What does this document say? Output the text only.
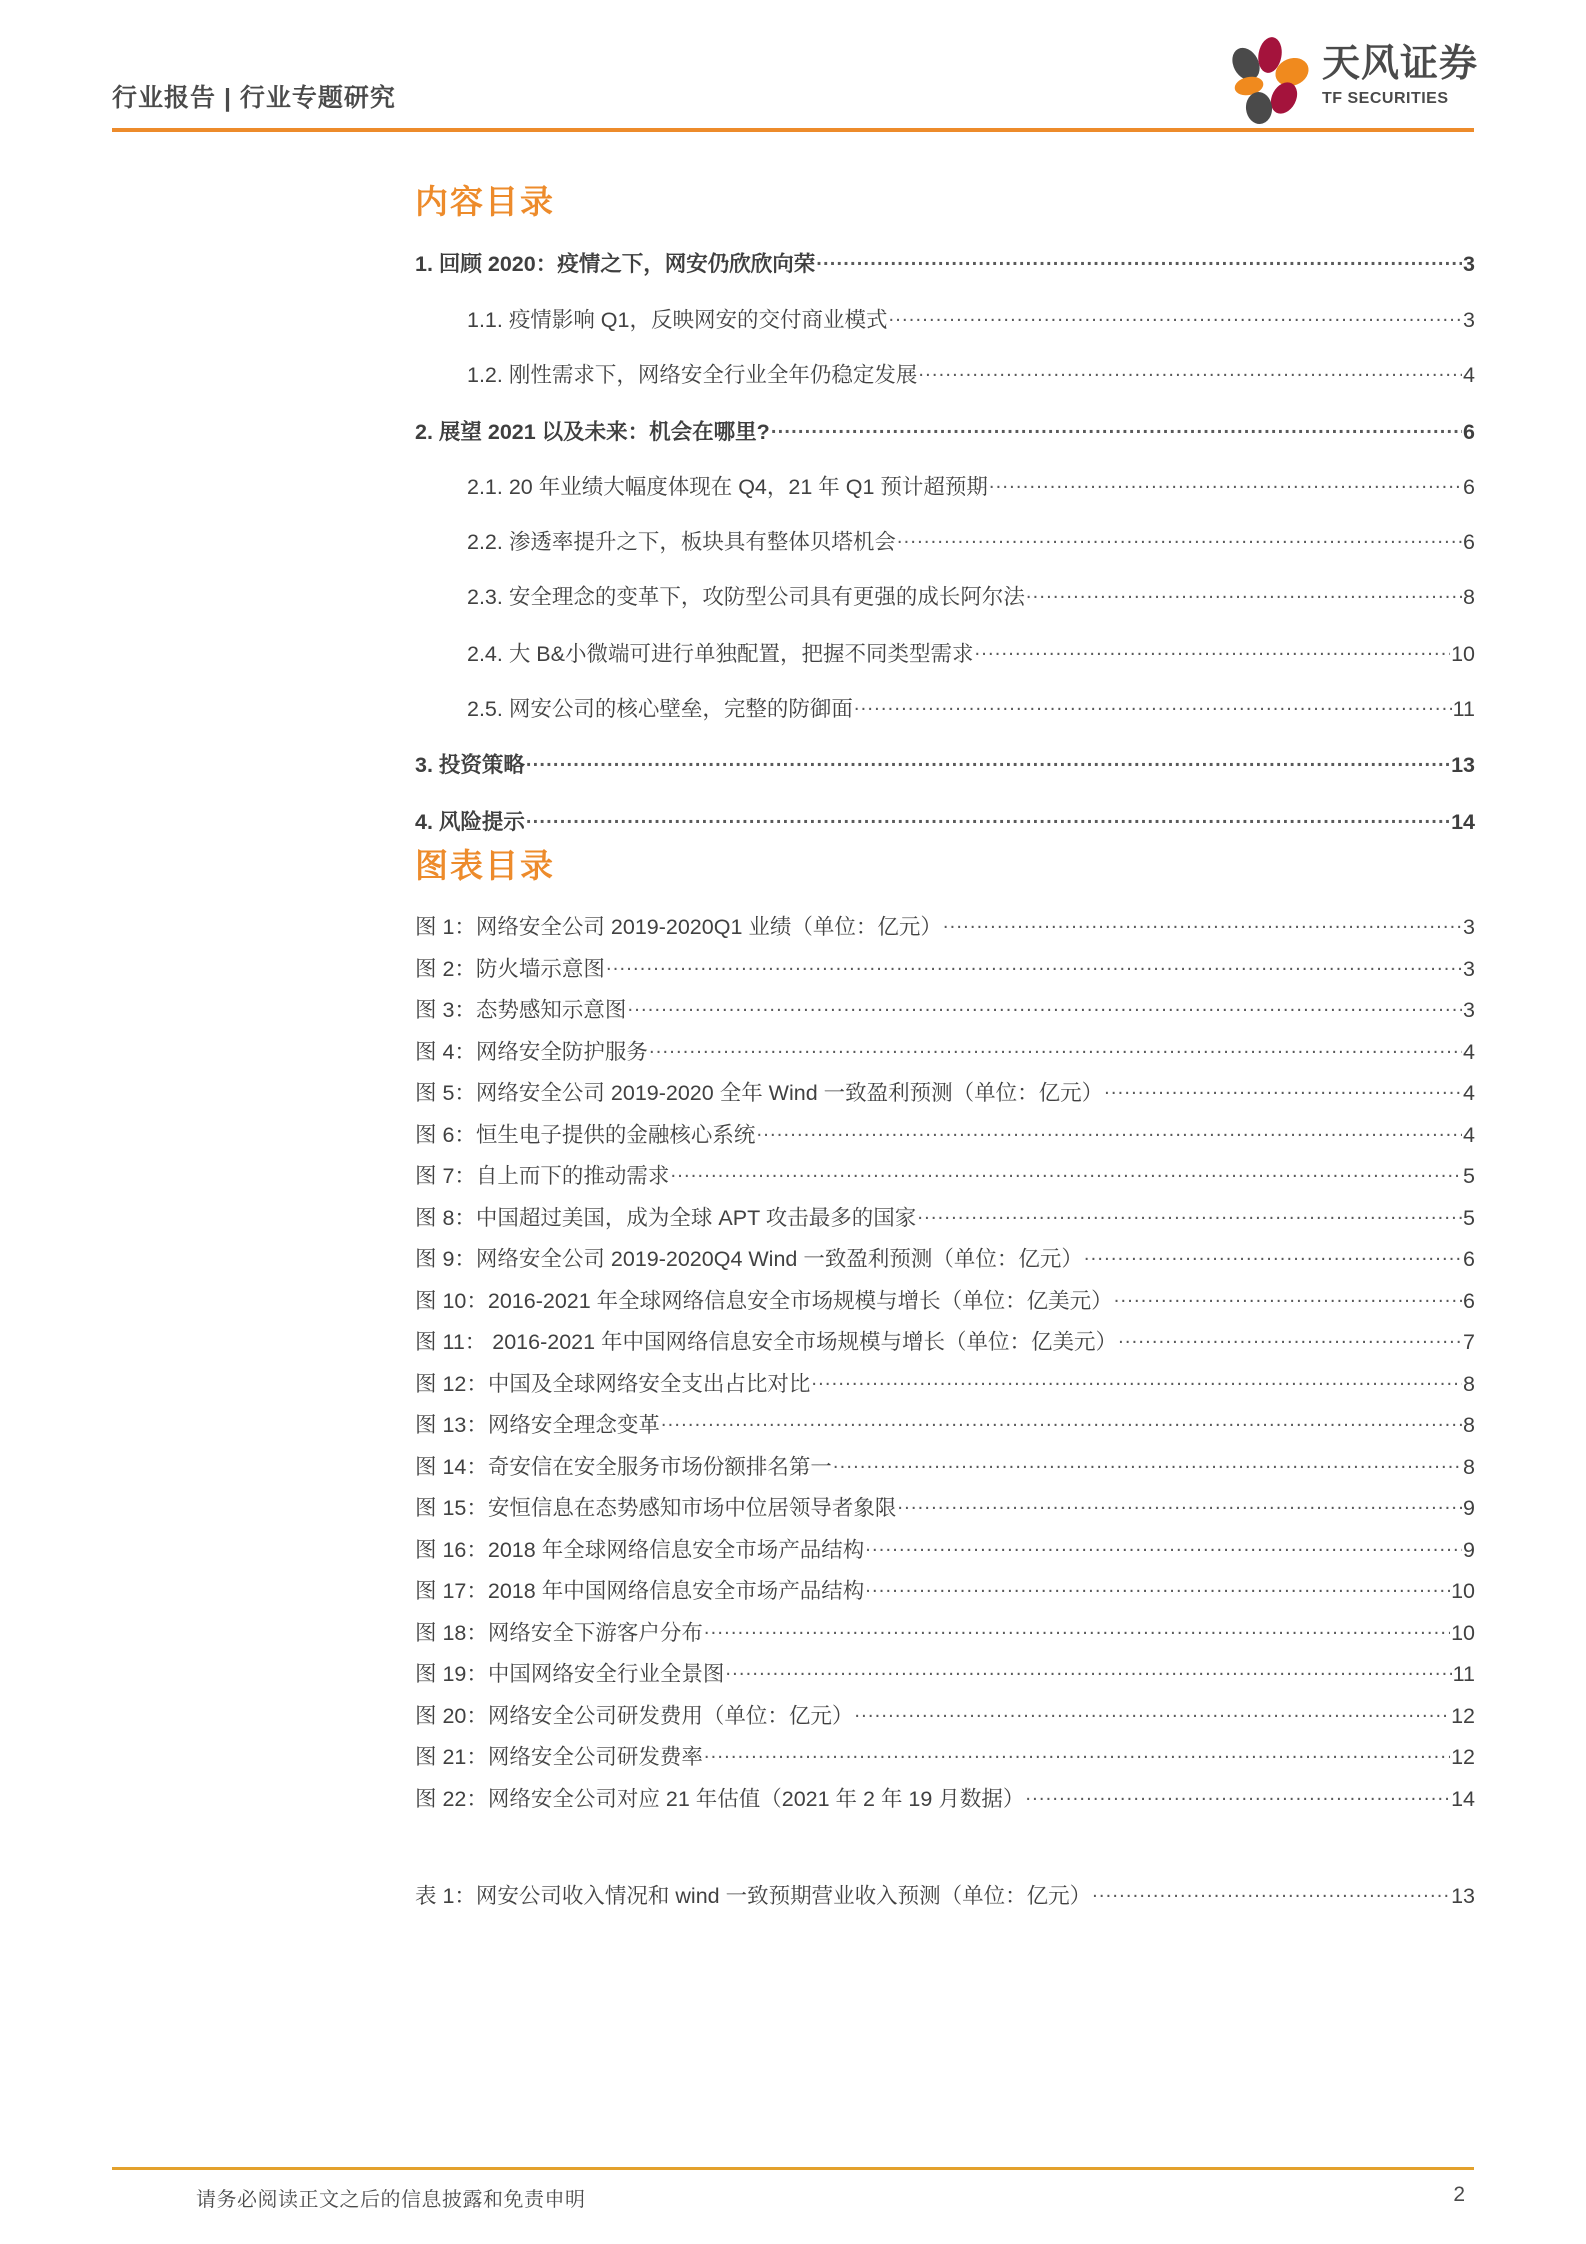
行业报告 | 行业专题研究
天风证券
TF SECURITIES
内容目录
1. 回顾 2020：疫情之下，网安仍欣欣向荣 .....	3
1.1. 疫情影响 Q1，反映网安的交付商业模式 .....	3
1.2. 刚性需求下，网络安全行业全年仍稳定发展 .....	4
2. 展望 2021 以及未来：机会在哪里? .....	6
2.1. 20 年业绩大幅度体现在 Q4，21 年 Q1 预计超预期 .....	6
2.2. 渗透率提升之下，板块具有整体贝塔机会 .....	6
2.3. 安全理念的变革下，攻防型公司具有更强的成长阿尔法 .....	8
2.4. 大 B&小微端可进行单独配置，把握不同类型需求 .....	10
2.5. 网安公司的核心壁垒，完整的防御面 .....	11
3. 投资策略 .....	13
4. 风险提示 .....	14
图表目录
图 1：网络安全公司 2019-2020Q1 业绩（单位：亿元） .....	3
图 2：防火墙示意图 .....	3
图 3：态势感知示意图 .....	3
图 4：网络安全防护服务 .....	4
图 5：网络安全公司 2019-2020 全年 Wind 一致盈利预测（单位：亿元） .....	4
图 6：恒生电子提供的金融核心系统 .....	4
图 7：自上而下的推动需求 .....	5
图 8：中国超过美国，成为全球 APT 攻击最多的国家 .....	5
图 9：网络安全公司 2019-2020Q4 Wind 一致盈利预测（单位：亿元） .....	6
图 10：2016-2021 年全球网络信息安全市场规模与增长（单位：亿美元） .....	6
图 11： 2016-2021 年中国网络信息安全市场规模与增长（单位：亿美元） .....	7
图 12：中国及全球网络安全支出占比对比 .....	8
图 13：网络安全理念变革 .....	8
图 14：奇安信在安全服务市场份额排名第一 .....	8
图 15：安恒信息在态势感知市场中位居领导者象限 .....	9
图 16：2018 年全球网络信息安全市场产品结构 .....	9
图 17：2018 年中国网络信息安全市场产品结构 .....	10
图 18：网络安全下游客户分布 .....	10
图 19：中国网络安全行业全景图 .....	11
图 20：网络安全公司研发费用（单位：亿元） .....	12
图 21：网络安全公司研发费率 .....	12
图 22：网络安全公司对应 21 年估值（2021 年 2 年 19 月数据） .....	14
表 1：网安公司收入情况和 wind 一致预期营业收入预测（单位：亿元） .....	13
请务必阅读正文之后的信息披露和免责申明	2
